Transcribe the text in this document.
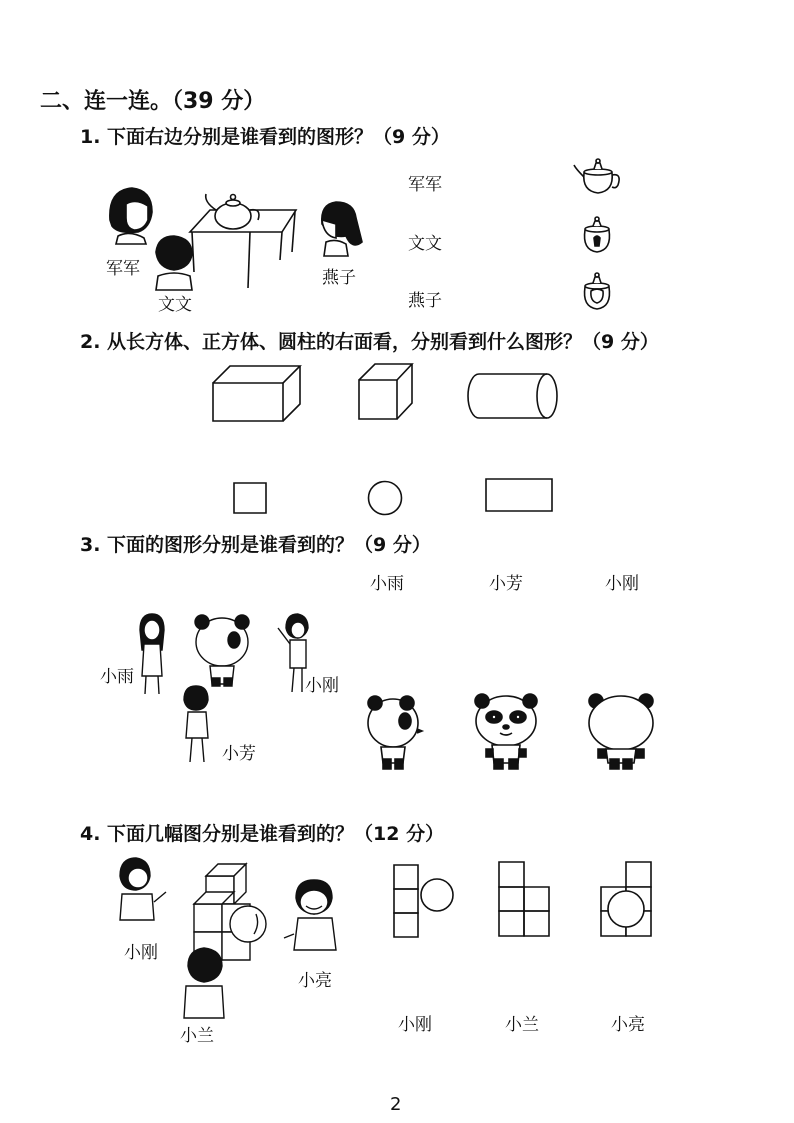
二、连一连。（39 分）
1. 下面右边分别是谁看到的图形？（9 分）
军军
文文
燕子
军军
文文
燕子
2. 从长方体、正方体、圆柱的右面看，分别看到什么图形？（9 分）
3. 下面的图形分别是谁看到的？（9 分）
小雨	小芳	小刚
小雨	小刚
小芳
4. 下面几幅图分别是谁看到的？（12 分）
小刚
小亮
小兰
小刚	小兰	小亮
2
